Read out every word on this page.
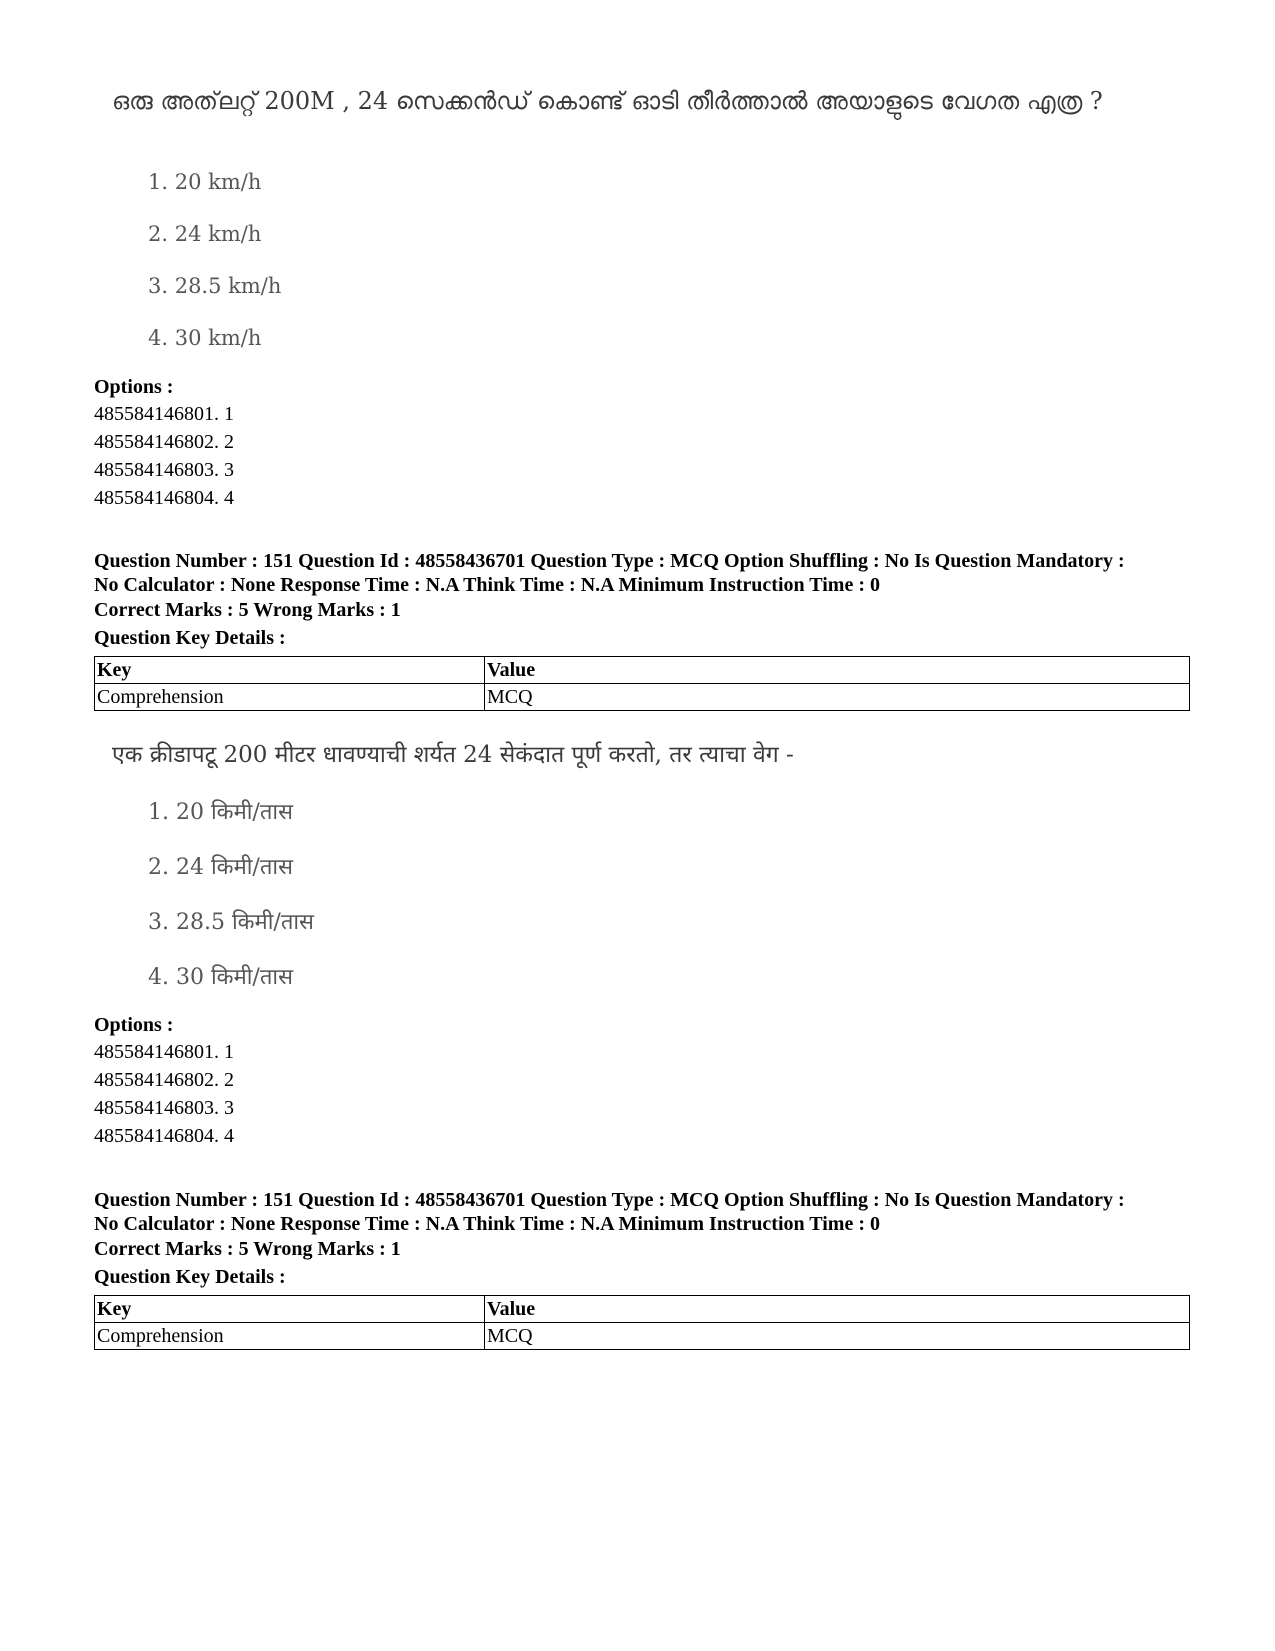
ഒരു അത്‌ലറ്റ് 200M , 24 സെക്കൻഡ് കൊണ്ട് ഓടി തീർത്താൽ അയാളുടെ വേഗത എത്ര ?
1. 20 km/h
2. 24 km/h
3. 28.5 km/h
4. 30 km/h
Options :
485584146801. 1
485584146802. 2
485584146803. 3
485584146804. 4
Question Number : 151 Question Id : 48558436701 Question Type : MCQ Option Shuffling : No Is Question Mandatory :
No Calculator : None Response Time : N.A Think Time : N.A Minimum Instruction Time : 0
Correct Marks : 5 Wrong Marks : 1
Question Key Details :
Key	Value
Comprehension	MCQ
एक क्रीडापटू 200 मीटर धावण्याची शर्यत 24 सेकंदात पूर्ण करतो, तर त्याचा वेग -
1. 20 किमी/तास
2. 24 किमी/तास
3. 28.5 किमी/तास
4. 30 किमी/तास
Options :
485584146801. 1
485584146802. 2
485584146803. 3
485584146804. 4
Question Number : 151 Question Id : 48558436701 Question Type : MCQ Option Shuffling : No Is Question Mandatory :
No Calculator : None Response Time : N.A Think Time : N.A Minimum Instruction Time : 0
Correct Marks : 5 Wrong Marks : 1
Question Key Details :
Key	Value
Comprehension	MCQ
